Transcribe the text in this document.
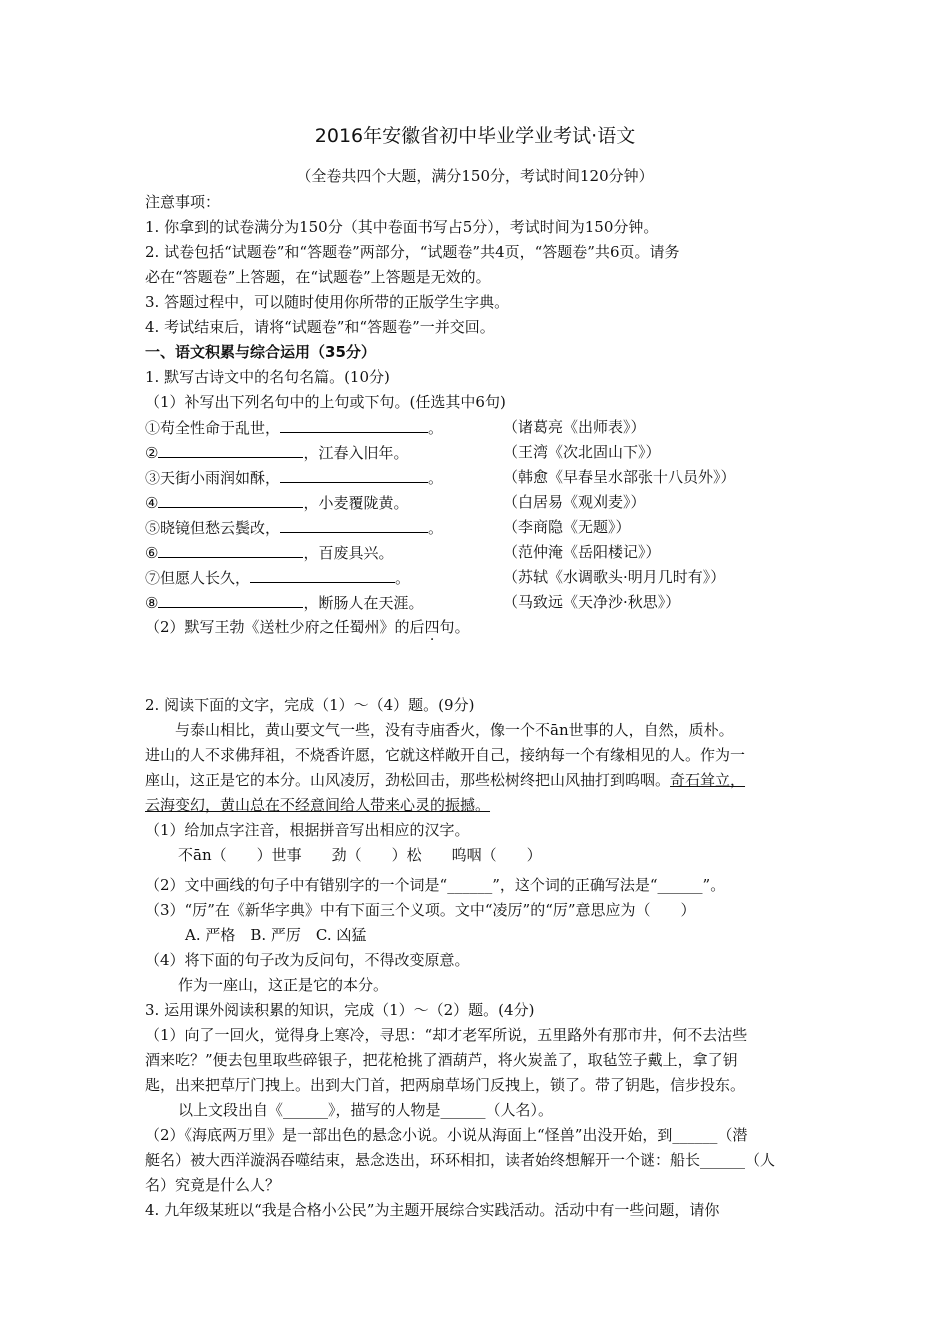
2016年安徽省初中毕业学业考试·语文
（全卷共四个大题，满分150分，考试时间120分钟）
注意事项：
1. 你拿到的试卷满分为150分（其中卷面书写占5分），考试时间为150分钟。
2. 试卷包括“试题卷”和“答题卷”两部分，“试题卷”共4页，“答题卷”共6页。请务
必在“答题卷”上答题，在“试题卷”上答题是无效的。
3. 答题过程中，可以随时使用你所带的正版学生字典。
4. 考试结束后，请将“试题卷”和“答题卷”一并交回。
一、语文积累与综合运用（35分）
1. 默写古诗文中的名句名篇。(10分)
（1）补写出下列名句中的上句或下句。(任选其中6句)
①苟全性命于乱世，	。	（诸葛亮《出师表》）
②	，江春入旧年。	（王湾《次北固山下》）
③天街小雨润如酥，	。	（韩愈《早春呈水部张十八员外》）
④	，小麦覆陇黄。	（白居易《观刈麦》）
⑤晓镜但愁云鬓改，	。	（李商隐《无题》）
⑥	，百废具兴。	（范仲淹《岳阳楼记》）
⑦但愿人长久，	。	（苏轼《水调歌头·明月几时有》）
⑧	，断肠人在天涯。	（马致远《天净沙·秋思》）
（2）默写王勃《送杜少府之任蜀州》的后四句。
2. 阅读下面的文字，完成（1）～（4）题。(9分)
与泰山相比，黄山要文气一些，没有寺庙香火，像一个不ān世事的人，自然，质朴。
进山的人不求佛拜祖，不烧香许愿，它就这样敞开自己，接纳每一个有缘相见的人。作为一
座山，这正是它的本分。山风凌厉，劲松回击，那些松树终把山风抽打到呜咽。奇石耸立，
云海变幻，黄山总在不经意间给人带来心灵的振撼。
（1）给加点字注音，根据拼音写出相应的汉字。
不ān（　　）世事　　劲（　　）松　　呜咽（　　）
（2）文中画线的句子中有错别字的一个词是“______”，这个词的正确写法是“______”。
（3）“厉”在《新华字典》中有下面三个义项。文中“凌厉”的“厉”意思应为（　　）
A. 严格　B. 严厉　C. 凶猛
（4）将下面的句子改为反问句，不得改变原意。
作为一座山，这正是它的本分。
3. 运用课外阅读积累的知识，完成（1）～（2）题。(4分)
（1）向了一回火，觉得身上寒冷，寻思：“却才老军所说，五里路外有那市井，何不去沽些
酒来吃？”便去包里取些碎银子，把花枪挑了酒葫芦，将火炭盖了，取毡笠子戴上，拿了钥
匙，出来把草厅门拽上。出到大门首，把两扇草场门反拽上，锁了。带了钥匙，信步投东。
以上文段出自《______》，描写的人物是______（人名）。
（2）《海底两万里》是一部出色的悬念小说。小说从海面上“怪兽”出没开始，到______（潜
艇名）被大西洋漩涡吞噬结束，悬念迭出，环环相扣，读者始终想解开一个谜：船长______（人
名）究竟是什么人？
4. 九年级某班以“我是合格小公民”为主题开展综合实践活动。活动中有一些问题，请你
